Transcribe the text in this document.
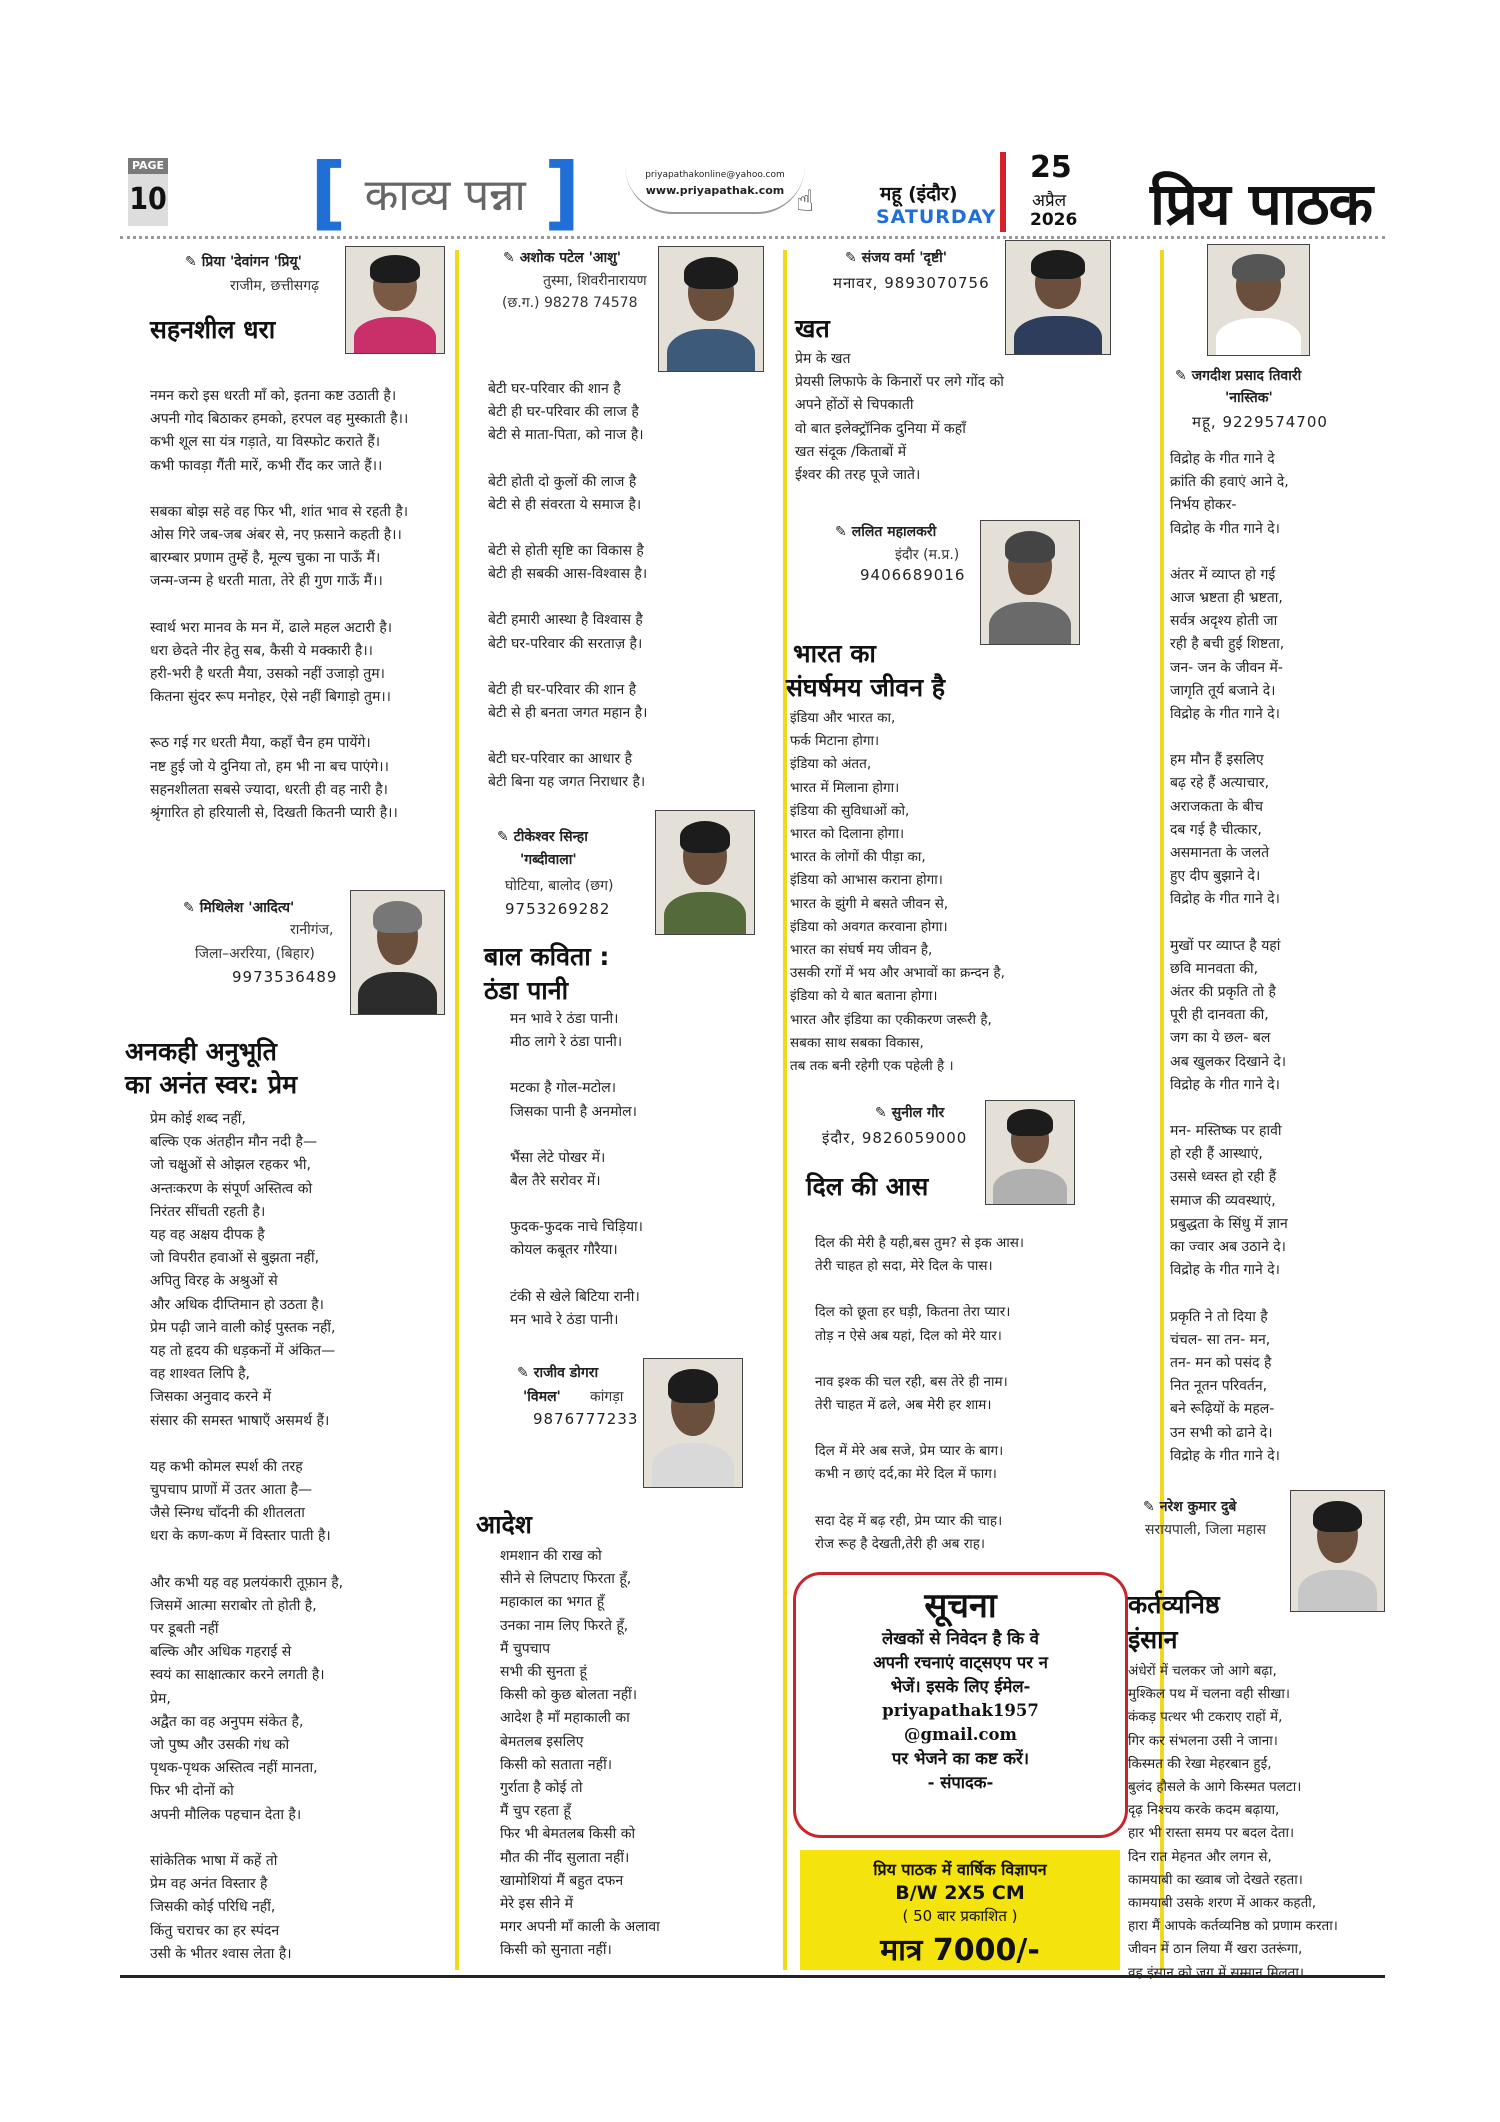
PAGE
10 [ काव्य पन्ना ]	priyapathakonline@yahoo.com
www.priyapathak.com ☝	महू (इंदौर)
SATURDAY
25
अप्रैल
2026 प्रिय पाठक
✎ प्रिया 'देवांगन 'प्रियू'
राजीम, छत्तीसगढ़
सहनशील धरा

नमन करो इस धरती माँ को, इतना कष्ट उठाती है।

अपनी गोद बिठाकर हमको, हरपल वह मुस्काती है।।

कभी शूल सा यंत्र गड़ाते, या विस्फोट कराते हैं।

कभी फावड़ा गैंती मारें, कभी रौंद कर जाते हैं।।

सबका बोझ सहे वह फिर भी, शांत भाव से रहती है।

ओस गिरे जब-जब अंबर से, नए फ़साने कहती है।।

बारम्बार प्रणाम तुम्हें है, मूल्य चुका ना पाऊँ मैं।

जन्म-जन्म हे धरती माता, तेरे ही गुण गाऊँ मैं।।

स्वार्थ भरा मानव के मन में, ढाले महल अटारी है।

धरा छेदते नीर हेतु सब, कैसी ये मक्कारी है।।

हरी-भरी है धरती मैया, उसको नहीं उजाड़ो तुम।

कितना सुंदर रूप मनोहर, ऐसे नहीं बिगाड़ो तुम।।

रूठ गई गर धरती मैया, कहाँ चैन हम पायेंगे।

नष्ट हुई जो ये दुनिया तो, हम भी ना बच पाएंगे।।

सहनशीलता सबसे ज्यादा, धरती ही वह नारी है।

श्रृंगारित हो हरियाली से, दिखती कितनी प्यारी है।।

✎ मिथिलेश 'आदित्य'
रानीगंज,
जिला–अररिया, (बिहार)
9973536489
अनकही अनुभूति
का अनंत स्वर: प्रेम

प्रेम कोई शब्द नहीं,

बल्कि एक अंतहीन मौन नदी है—

जो चक्षुओं से ओझल रहकर भी,

अन्तःकरण के संपूर्ण अस्तित्व को

निरंतर सींचती रहती है।

यह वह अक्षय दीपक है

जो विपरीत हवाओं से बुझता नहीं,

अपितु विरह के अश्रुओं से

और अधिक दीप्तिमान हो उठता है।

प्रेम पढ़ी जाने वाली कोई पुस्तक नहीं,

यह तो हृदय की धड़कनों में अंकित—

वह शाश्वत लिपि है,

जिसका अनुवाद करने में

संसार की समस्त भाषाएँ असमर्थ हैं।

यह कभी कोमल स्पर्श की तरह

चुपचाप प्राणों में उतर आता है—

जैसे स्निग्ध चाँदनी की शीतलता

धरा के कण-कण में विस्तार पाती है।

और कभी यह वह प्रलयंकारी तूफ़ान है,

जिसमें आत्मा सराबोर तो होती है,

पर डूबती नहीं

बल्कि और अधिक गहराई से

स्वयं का साक्षात्कार करने लगती है।

प्रेम,

अद्वैत का वह अनुपम संकेत है,

जो पुष्प और उसकी गंध को

पृथक-पृथक अस्तित्व नहीं मानता,

फिर भी दोनों को

अपनी मौलिक पहचान देता है।

सांकेतिक भाषा में कहें तो

प्रेम वह अनंत विस्तार है

जिसकी कोई परिधि नहीं,

किंतु चराचर का हर स्पंदन

उसी के भीतर श्वास लेता है।

✎ अशोक पटेल 'आशु'
तुस्मा, शिवरीनारायण
(छ.ग.) 98278 74578

बेटी घर-परिवार की शान है

बेटी ही घर-परिवार की लाज है

बेटी से माता-पिता, को नाज है।

बेटी होती दो कुलों की लाज है

बेटी से ही संवरता ये समाज है।

बेटी से होती सृष्टि का विकास है

बेटी ही सबकी आस-विश्वास है।

बेटी हमारी आस्था है विश्वास है

बेटी घर-परिवार की सरताज़ है।

बेटी ही घर-परिवार की शान है

बेटी से ही बनता जगत महान है।

बेटी घर-परिवार का आधार है

बेटी बिना यह जगत निराधार है।

✎ टीकेश्वर सिन्हा
'गब्दीवाला'
घोटिया, बालोद (छग)
9753269282
बाल कविता :
ठंडा पानी

मन भावे रे ठंडा पानी।

मीठ लागे रे ठंडा पानी।

मटका है गोल-मटोल।

जिसका पानी है अनमोल।

भैंसा लेटे पोखर में।

बैल तैरे सरोवर में।

फुदक-फुदक नाचे चिड़िया।

कोयल कबूतर गौरैया।

टंकी से खेले बिटिया रानी।

मन भावे रे ठंडा पानी।

✎ राजीव डोगरा
'विमल' कांगड़ा
9876777233
आदेश

शमशान की राख को

सीने से लिपटाए फिरता हूँ,

महाकाल का भगत हूँ

उनका नाम लिए फिरते हूँ,

मैं चुपचाप

सभी की सुनता हूं

किसी को कुछ बोलता नहीं।

आदेश है माँ महाकाली का

बेमतलब इसलिए

किसी को सताता नहीं।

गुर्राता है कोई तो

मैं चुप रहता हूँ

फिर भी बेमतलब किसी को

मौत की नींद सुलाता नहीं।

खामोशियां मैं बहुत दफन

मेरे इस सीने में

मगर अपनी माँ काली के अलावा

किसी को सुनाता नहीं।

✎ संजय वर्मा 'दृष्टी'
मनावर, 9893070756
खत

प्रेम के खत

प्रेयसी लिफाफे के किनारों पर लगे गोंद को

अपने होंठों से चिपकाती

वो बात इलेक्ट्रॉनिक दुनिया में कहाँ

खत संदूक /किताबों में

ईश्वर की तरह पूजे जाते।

✎ ललित महालकरी
इंदौर (म.प्र.)
9406689016
भारत का
संघर्षमय जीवन है

इंडिया और भारत का,

फर्क मिटाना होगा।

इंडिया को अंतत,

भारत में मिलाना होगा।

इंडिया की सुविधाओं को,

भारत को दिलाना होगा।

भारत के लोगों की पीड़ा का,

इंडिया को आभास कराना होगा।

भारत के झुंगी मे बसते जीवन से,

इंडिया को अवगत करवाना होगा।

भारत का संघर्ष मय जीवन है,

उसकी रगों में भय और अभावों का क्रन्दन है,

इंडिया को ये बात बताना होगा।

भारत और इंडिया का एकीकरण जरूरी है,

सबका साथ सबका विकास,

तब तक बनी रहेगी एक पहेली है ।

✎ सुनील गौर
इंदौर, 9826059000
दिल की आस

दिल की मेरी है यही,बस तुम? से इक आस।

तेरी चाहत हो सदा, मेरे दिल के पास।

दिल को छूता हर घड़ी, कितना तेरा प्यार।

तोड़ न ऐसे अब यहां, दिल को मेरे यार।

नाव इश्क की चल रही, बस तेरे ही नाम।

तेरी चाहत में ढले, अब मेरी हर शाम।

दिल में मेरे अब सजे, प्रेम प्यार के बाग।

कभी न छाएं दर्द,का मेरे दिल में फाग।

सदा देह में बढ़ रही, प्रेम प्यार की चाह।

रोज रूह है देखती,तेरी ही अब राह।

सूचना
लेखकों से निवेदन है कि वे
अपनी रचनाएं वाट्सएप पर न
भेजें। इसके लिए ईमेल-
priyapathak1957
@gmail.com
पर भेजने का कष्ट करें।
- संपादक-
प्रिय पाठक में वार्षिक विज्ञापन
B/W 2X5 CM
( 50 बार प्रकाशित )
मात्र 7000/-
✎ जगदीश प्रसाद तिवारी
'नास्तिक'
महू, 9229574700

विद्रोह के गीत गाने दे

क्रांति की हवाएं आने दे,

निर्भय होकर-

विद्रोह के गीत गाने दे।

अंतर में व्याप्त हो गई

आज भ्रष्टता ही भ्रष्टता,

सर्वत्र अदृश्य होती जा

रही है बची हुई शिष्टता,

जन- जन के जीवन में-

जागृति तूर्य बजाने दे।

विद्रोह के गीत गाने दे।

हम मौन हैं इसलिए

बढ़ रहे हैं अत्याचार,

अराजकता के बीच

दब गई है चीत्कार,

असमानता के जलते

हुए दीप बुझाने दे।

विद्रोह के गीत गाने दे।

मुखों पर व्याप्त है यहां

छवि मानवता की,

अंतर की प्रकृति तो है

पूरी ही दानवता की,

जग का ये छल- बल

अब खुलकर दिखाने दे।

विद्रोह के गीत गाने दे।

मन- मस्तिष्क पर हावी

हो रही हैं आस्थाएं,

उससे ध्वस्त हो रही हैं

समाज की व्यवस्थाएं,

प्रबुद्धता के सिंधु में ज्ञान

का ज्वार अब उठाने दे।

विद्रोह के गीत गाने दे।

प्रकृति ने तो दिया है

चंचल- सा तन- मन,

तन- मन को पसंद है

नित नूतन परिवर्तन,

बने रूढ़ियों के महल-

उन सभी को ढाने दे।

विद्रोह के गीत गाने दे।

✎ नरेश कुमार दुबे
सरायपाली, जिला महास
कर्तव्यनिष्ठ
इंसान

अंधेरों में चलकर जो आगे बढ़ा,

मुश्किल पथ में चलना वही सीखा।

कंकड़ पत्थर भी टकराए राहों में,

गिर कर संभलना उसी ने जाना।

किस्मत की रेखा मेहरबान हुई,

बुलंद हौसले के आगे किस्मत पलटा।

दृढ़ निश्चय करके कदम बढ़ाया,

हार भी रास्ता समय पर बदल देता।

दिन रात मेहनत और लगन से,

कामयाबी का ख्वाब जो देखते रहता।

कामयाबी उसके शरण में आकर कहती,

हारा मैं आपके कर्तव्यनिष्ठ को प्रणाम करता।

जीवन में ठान लिया मैं खरा उतरूंगा,

वह इंसान को जग में सम्मान मिलता।
